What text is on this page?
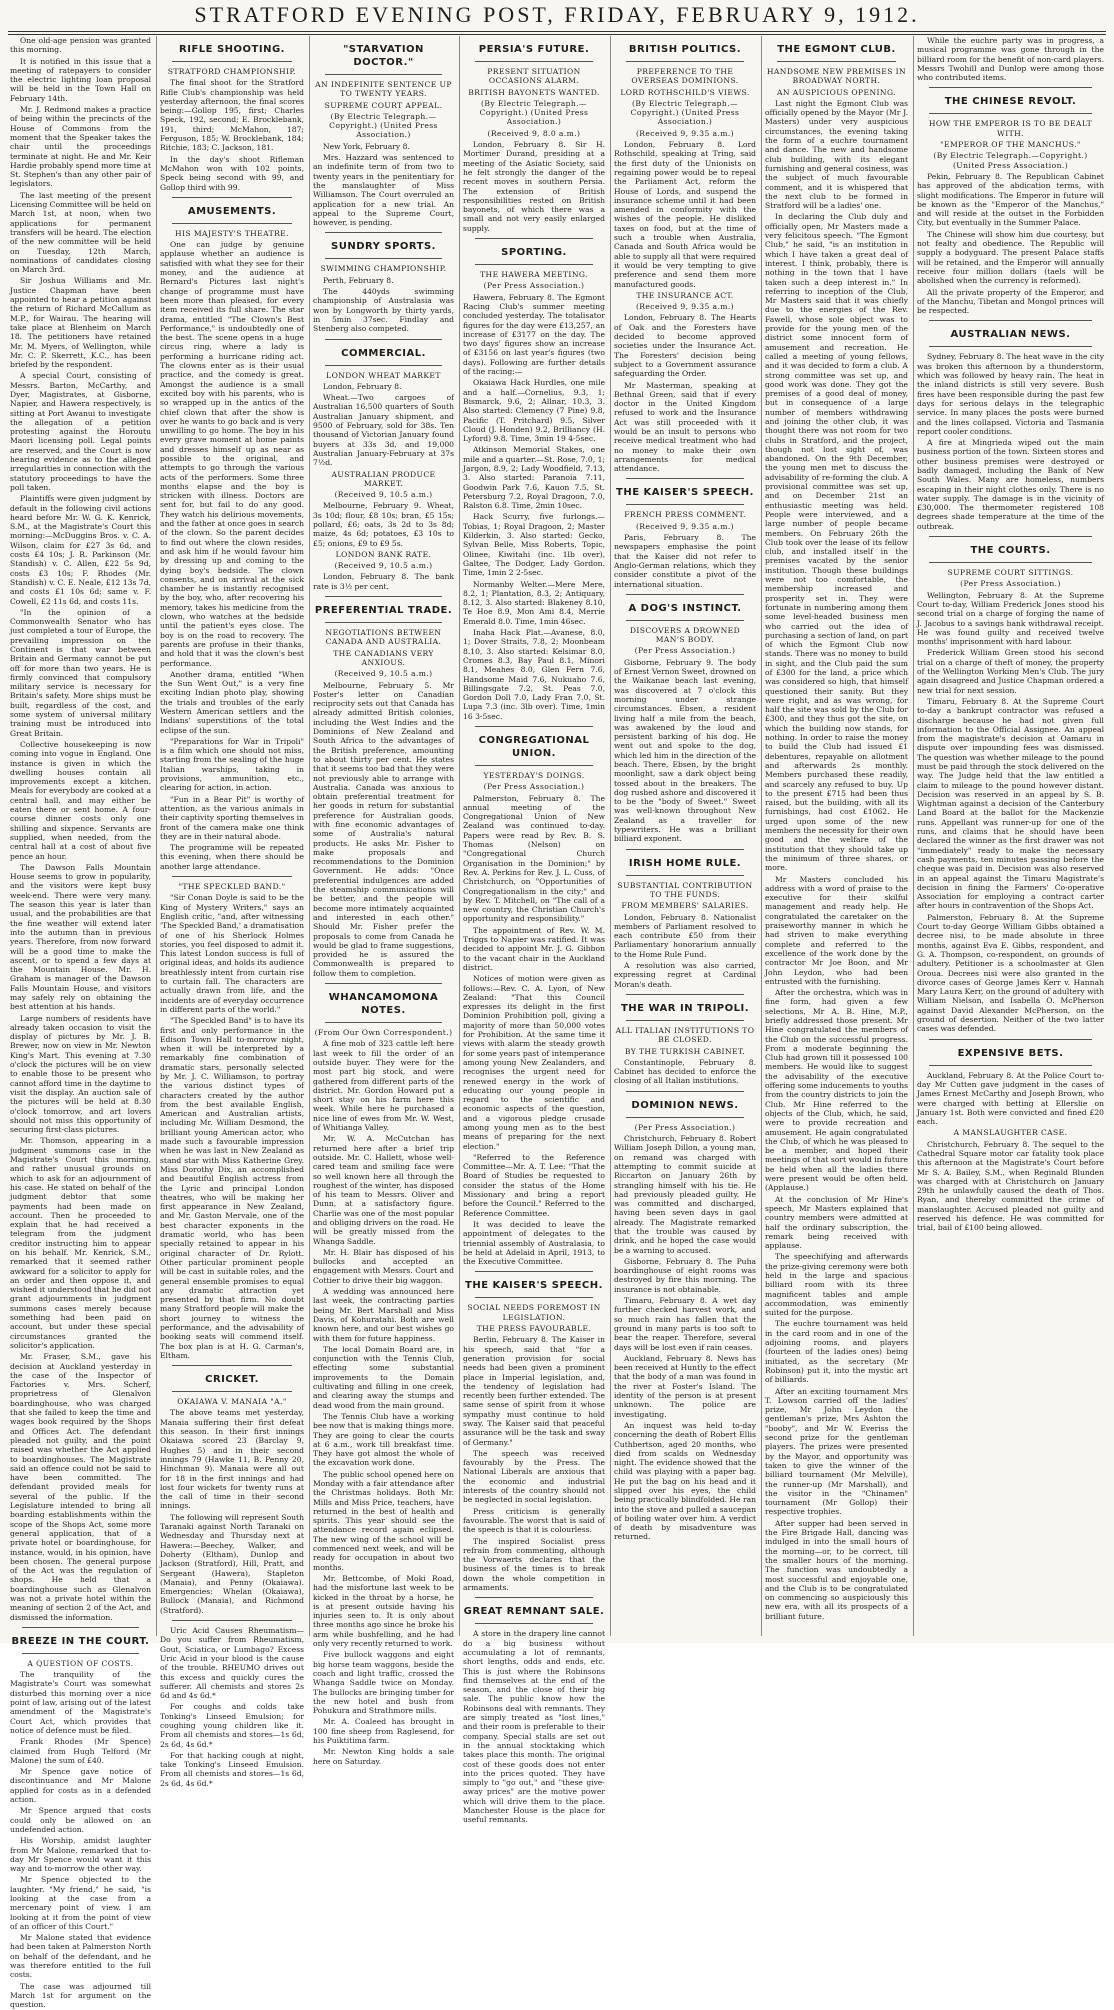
STRATFORD EVENING POST, FRIDAY, FEBRUARY 9, 1912.
One old-age pension was granted this morning.
It is notified in this issue that a meeting of ratepayers to consider the electric lighting loan proposal will be held in the Town Hall on February 14th.
Mr. J. Redmond makes a practice of being within the precincts of the House of Commons from the moment that the Speaker takes the chair until the proceedings terminate at night. He and Mr. Keir Hardie probably spend more time at St. Stephen's than any other pair of legislators.
The last meeting of the present Licensing Committee will be held on March 1st, at noon, when two applications for permanent transfers will be heard. The election of the new committee will be held on Tuesday, 12th March, nominations of candidates closing on March 3rd.
Sir Joshua Williams and Mr. Justice Chapman have been appointed to hear a petition against the return of Richard McCallum as M.P., for Wairau. The hearing will take place at Blenheim on March 18. The petitioners have retained Mr. M. Myers, of Wellington, while Mr. C. P. Skerrett, K.C., has been briefed by the respondent.
A special Court, consisting of Messrs. Barton, McCarthy, and Dyer, Magistrates, at Gisborne, Napier, and Hawera respectively, is sitting at Port Awanui to investigate the allegation of a petition protesting against the Horoutu Maori licensing poll. Legal points are reserved, and the Court is now hearing evidence as to the alleged irregularities in connection with the statutory proceedings to have the poll taken.
Plaintiffs were given judgment by default in the following civil actions heard before Mr. W. G. K. Kenrick, S.M., at the Magistrate's Court this morning:—McDuggins Bros. v. C. A. Wilson, claim for £27 3s 6d, and costs £4 10s; J. R. Parkinson (Mr. Standish) v. C. Allen, £22 5s 9d, costs £3 10s; F. Rhodes (Mr. Standish) v. C. E. Neale, £12 13s 7d, and costs £1 10s 6d; same v. F. Cowell, £2 11s 6d, and costs 11s.
"In the opinion of a Commonwealth Senator who has just completed a tour of Europe, the prevailing impression on the Continent is that war between Britain and Germany cannot be put off for more than two years. He is firmly convinced that compulsory military service is necessary for Britain's safety. More ships must be built, regardless of the cost, and some system of universal military training must be introduced into Great Britain.
Collective housekeeping is now coming into vogue in England. One instance is given in which the dwelling houses contain all improvements except a kitchen. Meals for everybody are cooked at a central hall, and may either be eaten there or sent home. A four-course dinner costs only one shilling and sixpence. Servants are supplied, when needed, from the central hall at a cost of about five pence an hour.
The Dawson Falls Mountain House seems to grow in popularity, and the visitors were kept busy week-end. There were very many. The season this year is later than usual, and the probabilities are that the fine weather will extend later into the autumn than in previous years. Therefore, from now forward will be a good time to make the ascent, or to spend a few days at the Mountain House. Mr. H. Graham is manager of the Dawson Falls Mountain House, and visitors may safely rely on obtaining the best attention at his hands.
Large numbers of residents have already taken occasion to visit the display of pictures by Mr. J. B. Brewer, now on view in Mr. Newton King's Mart. This evening at 7.30 o'clock the pictures will be on view to enable those to be present who cannot afford time in the daytime to visit the display. An auction sale of the pictures will be held at 8.30 o'clock tomorrow, and art lovers should not miss this opportunity of securing first-class pictures.
Mr. Thomson, appearing in a judgment summons case in the Magistrate's Court this morning, and rather unusual grounds on which to ask for an adjournment of his case. He stated on behalf of the judgment debtor that some payments had been made on account. Then he proceeded to explain that he had received a telegram from the judgment creditor instructing him to appear on his behalf. Mr. Kenrick, S.M., remarked that it seemed rather awkward for a solicitor to apply for an order and then oppose it, and wished it understood that he did not grant adjournments in judgment summons cases merely because something had been paid on account, but under these special circumstances granted the solicitor's application.
Mr. Fraser, S.M., gave his decision at Auckland yesterday in the case of the Inspector of Factories v. Mrs. Scherf, proprietress of Glenalvon boardinghouse, who was charged that she failed to keep the time and wages book required by the Shops and Offices Act. The defendant pleaded not guilty, and the point raised was whether the Act applied to boardinghouses. The Magistrate said an offence could not be said to have been committed. The defendant provided meals for several of the public. If the Legislature intended to bring all boarding establishments within the scope of the Shops Act, some more general application, that of a private hotel or boardinghouse, for instance, would, in his opinion, have been chosen. The general purpose of the Act was the regulation of shops. He held that a boardinghouse such as Glenalvon was not a private hotel within the meaning of section 2 of the Act, and dismissed the information.
BREEZE IN THE COURT.
A QUESTION OF COSTS.
The tranquility of the Magistrate's Court was somewhat disturbed this morning over a nice point of law, arising out of the latest amendment of the Magistrate's Court Act, which provides that notice of defence must be filed.
Frank Rhodes (Mr Spence) claimed from Hugh Telford (Mr Malone) the sum of £40.
Mr Spence gave notice of discontinuance and Mr Malone applied for costs as in a defended action.
Mr Spence argued that costs could only be allowed on an undefended action.
His Worship, amidst laughter from Mr Malone, remarked that to-day Mr Spence would want it this way and to-morrow the other way.
Mr Spence objected to the laughter. "My friend," he said, "is looking at the case from a mercenary point of view. I am looking at it from the point of view of an officer of this Court."
Mr Malone stated that evidence had been taken at Palmerston North on behalf of the defendant, and he was therefore entitled to the full costs.
The case was adjourned till March 1st for argument on the question.
RIFLE SHOOTING.
STRATFORD CHAMPIONSHIP.
The final shoot for the Stratford Rifle Club's championship was held yesterday afternoon, the final scores being:—Gollop 195, first; Charles Speck, 192, second; E. Brocklebank, 191, third; McMahon, 187; Ferguson, 185; W. Brocklebank, 184; Ritchie, 183; C. Jackson, 181.
In the day's shoot Rifleman McMahon won with 102 points, Speck being second with 99, and Gollop third with 99.
AMUSEMENTS.
HIS MAJESTY'S THEATRE.
One can judge by genuine applause whether an audience is satisfied with what they see for their money, and the audience at Bernard's Pictures last night's change of programme must have been more than pleased, for every item received its full share. The star drama, entitled "The Clown's Best Performance," is undoubtedly one of the best. The scene opens in a huge circus ring, where a lady is performing a hurricane riding act. The clowns enter as is their usual practice, and the comedy is great. Amongst the audience is a small excited boy with his parents, who is so wrapped up in the antics of the chief clown that after the show is over he wants to go back and is very unwilling to go home. The boy in his every grave moment at home paints and dresses himself up as near as possible to the original, and attempts to go through the various acts of the performers. Some three months elapse and the boy is stricken with illness. Doctors are sent for, but fail to do any good. They watch his delirious movements, and the father at once goes in search of the clown. So the parent decides to find out where the clown resides, and ask him if he would favour him by dressing up and coming to the dying boy's bedside. The clown consents, and on arrival at the sick chamber he is instantly recognised by the boy, who, after recovering his memory, takes his medicine from the clown, who watches at the bedside until the patient's eyes close. The boy is on the road to recovery. The parents are profuse in their thanks, and hold that it was the clown's best performance.
Another drama, entitled "When the Sun Went Out," is a very fine exciting Indian photo play, showing the trials and troubles of the early Western American settlers and the Indians' superstitions of the total eclipse of the sun.
"Preparations for War in Tripoli" is a film which one should not miss, starting from the sealing of the huge Italian warships, taking in provisions, ammunition, etc., clearing for action, in action.
"Fun in a Bear Pit" is worthy of attention, as the various animals in their captivity sporting themselves in front of the camera make one think they are in their natural abode.
The programme will be repeated this evening, when there should be another large attendance.
"THE SPECKLED BAND."
"Sir Conan Doyle is said to be the King of Mystery Writers," says an English critic, "and, after witnessing 'The Speckled Band,' a dramatisation of one of his Sherlock Holmes stories, you feel disposed to admit it. This latest London success is full of original ideas, and holds its audience breathlessly intent from curtain rise to curtain fall. The characters are actually drawn from life, and the incidents are of everyday occurrence in different parts of the world."
"The Speckled Band" is to have its first and only performance in the Edison Town Hall to-morrow night, when it will be interpreted by a remarkably fine combination of dramatic stars, personally selected by Mr. J. C. Williamson, to portray the various distinct types of characters created by the author from the best available English, American and Australian artists, including Mr. William Desmond, the brilliant young American actor, who made such a favourable impression when he was last in New Zealand as stand star with Miss Katherine Grey. Miss Dorothy Dix, an accomplished and beautiful English actress from the Lyric and principal London theatres, who will be making her first appearance in New Zealand, and Mr. Gaston Mervale, one of the best character exponents in the dramatic world, who has been specially retained to appear in his original character of Dr. Rylott. Other particular prominent people will be cast in suitable roles, and the general ensemble promises to equal any dramatic attraction yet presented by that firm. No doubt many Stratford people will make the short journey to witness the performance, and the advisability of booking seats will commend itself. The box plan is at H. G. Carman's, Eltham.
CRICKET.
OKAIAWA V. MANAIA "A."
The above teams met yesterday, Manaia suffering their first defeat this season. In their first innings Okaiawa scored 23 (Barclay 9, Hughes 5) and in their second innings 79 (Hawke 11, B. Penny 20, Hinchman 9). Manaia were all out for 18 in the first innings and had lost four wickets for twenty runs at the call of time in their second innings.
The following will represent South Taranaki against North Taranaki on Wednesday and Thursday next at Hawera:—Beechey, Walker, and Doherty (Eltham), Dunlop and Jackson (Stratford), Hill, Pratt, and Sergeant (Hawera), Stapleton (Manaia), and Penny (Okaiawa). Emergencies: Whelan (Okaiawa), Bullock (Manaia), and Richmond (Stratford).
Uric Acid Causes Rheumatism—Do you suffer from Rheumatism, Gout, Sciatica, or Lumbago? Excess Uric Acid in your blood is the cause of the trouble. RHEUMO drives out this excess and quickly cures the sufferer. All chemists and stores 2s 6d and 4s 6d.*
For coughs and colds take Tonking's Linseed Emulsion; for coughing young children like it. From all chemists and stores—1s 6d, 2s 6d, 4s 6d.*
For that hacking cough at night, take Tonking's Linseed Emulsion. From all chemists and stores—1s 6d, 2s 6d, 4s 6d.*
"STARVATION DOCTOR."
AN INDEFINITE SENTENCE UP TO TWENTY YEARS.
SUPREME COURT APPEAL.
(By Electric Telegraph.—Copyright.) (United Press Association.)
New York, February 8.
Mrs. Hazzard was sentenced to an indefinite term of from two to twenty years in the penitentiary for the manslaughter of Miss Williamson. The Court overruled an application for a new trial. An appeal to the Supreme Court, however, is pending.
SUNDRY SPORTS.
SWIMMING CHAMPIONSHIP.
Perth, February 8.
The 440yds swimming championship of Australasia was won by Longworth by thirty yards, in 5min 37sec. Findlay and Stenberg also competed.
COMMERCIAL.
LONDON WHEAT MARKET
London, February 8.
Wheat.—Two cargoes of Australian 16,500 quarters of South Australian January shipment, and 9500 of February, sold for 38s. Ten thousand of Victorian January found buyers at 33s 3d, and 19,000 Australian January-February at 37s 7½d.
AUSTRALIAN PRODUCE MARKET.
(Received 9, 10.5 a.m.)
Melbourne, February 9. Wheat, 3s 10d; flour, £8 10s; bran, £5 15s; pollard, £6; oats, 3s 2d to 3s 8d; maize, 4s 6d; potatoes, £3 10s to £5; onions, £9 to £9 5s.
LONDON BANK RATE.
(Received 9, 10.5 a.m.)
London, February 8. The bank rate is 3½ per cent.
PREFERENTIAL TRADE.
NEGOTIATIONS BETWEEN CANADA AND AUSTRALIA.
THE CANADIANS VERY ANXIOUS.
(Received 9, 10.5 a.m.)
Melbourne, February 5. Mr Foster's letter on Canadian reciprocity sets out that Canada has already admitted British colonies, including the West Indies and the Dominions of New Zealand and South Africa to the advantages of the British preference, amounting to about thirty per cent. He states that it seems too bad that they were not previously able to arrange with Australia. Canada was anxious to obtain preferential treatment for her goods in return for substantial preference for Australian goods, with fine economic advantages of some of Australia's natural products. He asks Mr. Fisher to make proposals and recommendations to the Dominion Government. He adds: "Once preferential indulgences are added the steamship communications will be better, and the people will become more intimately acquainted and interested in each other." Should Mr. Fisher prefer the proposals to come from Canada he would be glad to frame suggestions, provided he is assured the Commonwealth is prepared to follow them to completion.
WHANCAMOMONA NOTES.
(From Our Own Correspondent.)
A fine mob of 323 cattle left here last week to fill the order of an outside buyer. They were for the most part big stock, and were gathered from different parts of the district. Mr. Gordon Howard put a short stay on his farm here this week. While here he purchased a nice line of ewes from Mr. W. West, of Whitianga Valley.
Mr. W. A. McCutchan has returned here after a brief trip outside. Mr. C. Hallett, whose well-cared team and smiling face were so well known here all through the roughest of the winter, has disposed of his team to Messrs. Oliver and Dunn, at a satisfactory figure. Charlie was one of the most popular and obliging drivers on the road. He will be greatly missed from the Whanga Saddle.
Mr. H. Blair has disposed of his bullocks and accepted an engagement with Messrs. Court and Cottier to drive their big waggon.
A wedding was announced here last week, the contracting parties being Mr. Bert Marshall and Miss Davis, of Kohuratahi. Both are well known here, and our best wishes go with them for future happiness.
The local Domain Board are, in conjunction with the Tennis Club, effecting some substantial improvements to the Domain cultivating and filling in one creek, and clearing away the stumps and dead wood from the main ground.
The Tennis Club have a working bee now that is making things more. They are going to clear the courts at 6 a.m., work till breakfast time. They have got almost the whole of the excavation work done.
The public school opened here on Monday with a fair attendance after the Christmas holidays. Both Mr. Mills and Miss Price, teachers, have returned in the best of health and spirits. This year should see the attendance record again eclipsed. The new wing of the school will be commenced next week, and will be ready for occupation in about two months.
Mr. Bettcombe, of Moki Road, had the misfortune last week to be kicked in the throat by a horse, he is at present outside having his injuries seen to. It is only about three months ago since he broke his arm while bushfelling, and he had only very recently returned to work.
Five bullock waggons and eight big horse team waggons, beside the coach and light traffic, crossed the Whanga Saddle twice on Monday. The bullocks are bringing timber for the new hotel and bush from Pohukura and Strathmore mills.
Mr. A. Coaleed has brought in 100 fine sheep from Raglesend, for his Puiktitima farm.
Mr. Newton King holds a sale here on Saturday.
PERSIA'S FUTURE.
PRESENT SITUATION OCCASIONS ALARM.
BRITISH BAYONETS WANTED.
(By Electric Telegraph.—Copyright.) (United Press Association.)
(Received 9, 8.0 a.m.)
London, February 8. Sir H. Mortimer Durand, presiding at a meeting of the Asiatic Society, said he felt strongly the danger of the recent moves in southern Persia. The extension of British responsibilities rested on British bayonets, of which there was a small and not very easily enlarged supply.
SPORTING.
THE HAWERA MEETING.
(Per Press Association.)
Hawera, February 8. The Egmont Racing Club's summer meeting concluded yesterday. The totalisator figures for the day were £13,257, an increase of £3177 on the day. The two days' figures show an increase of £3156 on last year's figures (two days). Following are further details of the racing:—
Okaiawa Hack Hurdles, one mile and a half.—Cornelius, 9.3, 1; Bismarck, 9.6, 2; Allnar, 10.3, 3. Also started: Clemency (7 Pine) 9.8, Pacific (T. Pritchard) 9.5, Silver Cloud (J. Honden) 9.2, Brilliancy (H. Lyford) 9.8. Time, 3min 19 4-5sec.
Atkinson Memorial Stakes, one mile and a quarter.—St. Rose, 7.0, 1; Jargon, 8.9, 2; Lady Woodfield, 7.13, 3. Also started: Paranoia 7.11, Goodwin Park 7.6, Kauon 7.5, St. Petersburg 7.2, Royal Dragoon, 7.0, Ralston 6.8. Time, 2min 10sec.
Hack Scurry, five furlongs.—Tobias, 1; Royal Dragoon, 2; Master Kilderkin, 3. Also started: Gecko, Sylvan Belle, Miss Roberts, Topic, Olinee, Kiwitahi (inc. 1lb over), Galtee, The Dodger, Lady Gordon. Time, 1min 2 2-5sec.
Normanby Welter.—Mere Mere, 8.2, 1; Plantation, 8.3, 2; Antiquary, 8.12, 3. Also started: Blakeney 8.10, Te Hoe 8.9, Mon Ami 8.4, Merrie Emerald 8.0. Time, 1min 46sec.
Inaha Hack Plat.—Avanese, 8.0, 1; Dover Straits, 7.8, 2; Moonbeam 8.10, 3. Also started: Kelsimar 8.0, Cromes 8.3, Bay Paul 8.1, Minori 8.1, Meahes 8.0, Glen Fern 7.6, Handsome Maid 7.6, Nukuaho 7.6, Billingsgate 7.2, St. Peas 7.0, Gordon Doll 7.0, Lady Fran 7.0, St. Lupa 7.3 (inc. 3lb over). Time, 1min 16 3-5sec.
CONGREGATIONAL UNION.
YESTERDAY'S DOINGS.
(Per Press Association.)
Palmerston, February 8. The annual meeting of the Congregational Union of New Zealand was continued to-day. Papers were read by Rev. B. S. Thomas (Nelson) on "Congregational Church Organisation in the Dominion;" by Rev. A. Perkins for Rev. J. L. Cuss, of Christchurch, on "Opportunities of Congregationalism in the city;" and by Rev. T. Mitchell, on "The call of a new country, the Christian Church's opportunity and responsibility."
The appointment of Rev. W. M. Triggs to Napier was ratified. It was decided to appoint Mr. J. G. Gibbon to the vacant chair in the Auckland district.
Notices of motion were given as follows:—Rev. C. A. Lyon, of New Zealand: "That this Council expresses its delight in the first Dominion Prohibition poll, giving a majority of more than 50,000 votes for Prohibition. At the same time it views with alarm the steady growth for some years past of intemperance among young New Zealanders, and recognises the urgent need for renewed energy in the work of educating our young people in regard to the scientific and economic aspects of the question, and a vigorous pledge crusade among young men as to the best means of preparing for the next election."
"Referred to the Reference Committee—Mr. A. T. Lee: "That the Board of Studies be requested to consider the status of the Home Missionary and bring a report before the Council." Referred to the Reference Committee.
It was decided to leave the appointment of delegates to the triennial assembly of Australasia, to be held at Adelaid in April, 1913, to the Executive Committee.
THE KAISER'S SPEECH.
SOCIAL NEEDS FOREMOST IN LEGISLATION.
THE PRESS FAVOURABLE.
Berlin, February 8. The Kaiser in his speech, said that "for a generation provision for social needs had been given a prominent place in Imperial legislation, and, the tendency of legislation had recently been further extended. The same sense of spirit from it whose sympathy must continue to hold sway. The Kaiser said that peaceful assurance will be the task and sway of Germany."
The speech was received favourably by the Press. The National Liberals are anxious that the economic and industrial interests of the country should not be neglected in social legislation.
Press criticism is generally favourable. The worst that is said of the speech is that it is colourless.
The inspired Socialist press refrain from commenting, although the Vorwaerts declares that the business of the times is to break down the whole competition in armaments.
GREAT REMNANT SALE.
A store in the drapery line cannot do a big business without accumulating a lot of remnants, short lengths, odds and ends, etc. This is just where the Robinsons find themselves at the end of the season, and the close of their big sale. The public know how the Robinsons deal with remnants. They are simply treated as "lost lines," and their room is preferable to their company. Special stalls are set out in the annual stocktaking which takes place this month. The original cost of these goods does not enter into the prices quoted. They have simply to "go out," and "these give-away prices" are the motive power which will drive them to the place. Manchester House is the place for useful remnants.
BRITISH POLITICS.
PREFERENCE TO THE OVERSEAS DOMINIONS.
LORD ROTHSCHILD'S VIEWS.
(By Electric Telegraph.—Copyright.) (United Press Association.)
(Received 9, 9.35 a.m.)
London, February 8. Lord Rothschild, speaking at Tring, said the first duty of the Unionists on regaining power would be to repeal the Parliament Act, reform the House of Lords, and suspend the insurance scheme until it had been amended in conformity with the wishes of the people. He disliked taxes on food, but at the time of such a trouble when Australia, Canada and South Africa would be able to supply all that were required it would be very tempting to give preference and send them more manufactured goods.
THE INSURANCE ACT.
(Received 9, 9.35 a.m.)
London, February 8. The Hearts of Oak and the Foresters have decided to become approved societies under the Insurance Act. The Foresters' decision being subject to a Government assurance safeguarding the Order.
Mr Masterman, speaking at Bethnal Green, said that if every doctor in the United Kingdom refused to work and the Insurance Act was still proceeded with it would be an insult to persons who receive medical treatment who had no money to make their own arrangements for medical attendance.
THE KAISER'S SPEECH.
FRENCH PRESS COMMENT.
(Received 9, 9.35 a.m.)
Paris, February 8. The newspapers emphasise the point that the Kaiser did not refer to Anglo-German relations, which they consider constitute a pivot of the international situation.
A DOG'S INSTINCT.
DISCOVERS A DROWNED MAN'S BODY.
(Per Press Association.)
Gisborne, February 9. The body of Ernest Vernon Sweet, drowned on the Waikanae beach last evening, was discovered at 7 o'clock this morning under strange circumstances. Ebsen, a resident living half a mile from the beach, was awakened by the loud and persistent barking of his dog. He went out and spoke to the dog, which led him in the direction of the beach. There, Ebsen, by the bright moonlight, saw a dark object being tossed about in the breakers. The dog rushed ashore and discovered it to be the "body of Sweet." Sweet was well-known throughout New Zealand as a traveller for typewriters. He was a brilliant billiard exponent.
IRISH HOME RULE.
SUBSTANTIAL CONTRIBUTION TO THE FUNDS.
FROM MEMBERS' SALARIES.
London, February 8. Nationalist members of Parliament resolved to each contribute £50 from their Parliamentary honorarium annually to the Home Rule Fund.
A resolution was also carried, expressing regret at Cardinal Moran's death.
THE WAR IN TRIPOLI.
ALL ITALIAN INSTITUTIONS TO BE CLOSED.
BY THE TURKISH CABINET.
Constantinople, February 8. Cabinet has decided to enforce the closing of all Italian institutions.
DOMINION NEWS.
(Per Press Association.)
Christchurch, February 8. Robert William Joseph Dillon, a young man, on remand was charged with attempting to commit suicide at Riccarton on January 26th by strangling himself with his tie. He had previously pleaded guilty. He was committed and discharged, having been seven days in gaol already. The Magistrate remarked that the trouble was caused by drink, and he hoped the case would be a warning to accused.
Gisborne, February 8. The Puha boardinghouse of eight rooms was destroyed by fire this morning. The insurance is not obtainable.
Timaru, February 8. A wet day further checked harvest work, and so much rain has fallen that the ground in many parts is too soft to bear the reaper. Therefore, several days will be lost even if rain ceases.
Auckland, February 8. News has been received at Huntly to the effect that the body of a man was found in the river at Foster's Island. The identity of the person is at present unknown. The police are investigating.
An inquest was held to-day concerning the death of Robert Ellis Cuthbertson, aged 20 months, who died from scalds on Wednesday night. The evidence showed that the child was playing with a paper bag. He put the bag on his head and it slipped over his eyes, the child being practically blindfolded. He ran into the stove and pulled a saucepan of boiling water over him. A verdict of death by misadventure was returned.
THE EGMONT CLUB.
HANDSOME NEW PREMISES IN BROADWAY NORTH.
AN AUSPICIOUS OPENING.
Last night the Egmont Club was officially opened by the Mayor (Mr J. Masters) under very auspicious circumstances, the evening taking the form of a euchre tournament and dance. The new and handsome club building, with its elegant furnishing and general cosiness, was the subject of much favourable comment, and it is whispered that the next club to be formed in Stratford will be a ladies' one.
In declaring the Club duly and officially open, Mr Masters made a very felicitous speech. "The Egmont Club," he said, "is an institution in which I have taken a great deal of interest. I think, probably, there is nothing in the town that I have taken such a deep interest in." In referring to inception of the Club, Mr Masters said that it was chiefly due to the energies of the Rev. Fawell, whose sole object was to provide for the young men of the district some innocent form of amusement and recreation. He called a meeting of young fellows, and it was decided to form a club. A strong committee was set up, and good work was done. They got the premises of a good deal of money, but in consequence of a large number of members withdrawing and joining the other club, it was thought there was not room for two clubs in Stratford, and the project, though not lost sight of, was abandoned. On the 9th December, the young men met to discuss the advisability of re-forming the club. A provisional committee was set up, and on December 21st an enthusiastic meeting was held. People were interviewed, and a large number of people became members. On February 26th the Club took over the lease of its fellow club, and installed itself in the premises vacated by the senior institution. Though these buildings were not too comfortable, the membership increased and prosperity set in. They were fortunate in numbering among them some level-headed business men who carried out the idea of purchasing a section of land, on part of which the Egmont Club now stands. There was no money to build in sight, and the Club paid the sum of £300 for the land, a price which was considered so high, that himself questioned their sanity. But they were right, and as was wrong, for half the site was sold by the Club for £300, and they thus got the site, on which the building now stands, for nothing. In order to raise the money to build the Club had issued £1 debentures, repayable on allotment and afterwards 2s monthly. Members purchased these readily, and scarcely any refused to buy. Up to the present £715 had been thus raised, but the building, with all its furnishings, had cost £1062. He urged upon some of the new members the necessity for their own good and the welfare of the institution that they should take up the minimum of three shares, or more.
Mr Masters concluded his address with a word of praise to the executive for their skilful management and ready help. He congratulated the caretaker on the praiseworthy manner in which he had striven to make everything complete and referred to the excellence of the work done by the contractor Mr Joe Boon, and Mr John Leydon, who had been entrusted with the furnishing.
After the orchestra, which was in fine form, had given a few selections, Mr A. B. Hine, M.P., briefly addressed those present. Mr Hine congratulated the members of the Club on the successful progress. From a moderate beginning the Club had grown till it possessed 100 members. He would like to suggest the advisability of the executive offering some inducements to youths from the country districts to join the Club. Mr Hine referred to the objects of the Club, which, he said, were to provide recreation and amusement. He again congratulated the Club, of which he was pleased to be a member, and hoped their meetings of that sort would in future be held when all the ladies there were present would be often held. (Applause.)
At the conclusion of Mr Hine's speech, Mr Masters explained that country members were admitted at half the ordinary subscription, the remark being received with applause.
The speechifying and afterwards the prize-giving ceremony were both held in the large and spacious billiard room with its three magnificent tables and ample accommodation, was eminently suited for the purpose.
The euchre tournament was held in the card room and in one of the adjoining rooms, and players (fourteen of the ladies ones) being initiated, as the secretary (Mr Robinson) put it, into the mystic art of billiards.
After an exciting tournament Mrs T. Lowson carried off the ladies' prize, Mr John Leydon the gentleman's prize, Mrs Ashton the "booby", and Mr W. Everiss the second prize for the gentleman players. The prizes were presented by the Mayor, and opportunity was taken to give the winner of the billiard tournament (Mr Melville), the runner-up (Mr Marshall), and the visitor in the "Chinamen" tournament (Mr Gollop) their respective trophies.
After supper had been served in the Fire Brigade Hall, dancing was indulged in into the small hours of the morning—or, to be correct, till the smaller hours of the morning. The function was undoubtedly a most successful and enjoyable one, and the Club is to be congratulated on commencing so auspiciously this new era, with all its prospects of a brilliant future.
While the euchre party was in progress, a musical programme was gone through in the billiard room for the benefit of non-card players. Messrs Twohill and Dunlop were among those who contributed items.
THE CHINESE REVOLT.
HOW THE EMPEROR IS TO BE DEALT WITH.
"EMPEROR OF THE MANCHUS."
(By Electric Telegraph.—Copyright.) (United Press Association.)
Pekin, February 8. The Republican Cabinet has approved of the abdication terms, with slight modifications. The Emperor in future will be known as the "Emperor of the Manchus," and will reside at the outset in the Forbidden City, but eventually in the Summer Palace.
The Chinese will show him due courtesy, but not fealty and obedience. The Republic will supply a bodyguard. The present Palace staffs will be retained, and the Emperor will annually receive four million dollars (taels will be abolished when the currency is reformed).
All the private property of the Emperor, and of the Manchu, Tibetan and Mongol princes will be respected.
AUSTRALIAN NEWS.
Sydney, February 8. The heat wave in the city was broken this afternoon by a thunderstorm, which was followed by heavy rain. The heat in the inland districts is still very severe. Bush fires have been responsible during the past few days for serious delays in the telegraphic service. In many places the posts were burned and the lines collapsed. Victoria and Tasmania report cooler conditions.
A fire at Mingrieda wiped out the main business portion of the town. Sixteen stores and other business premises were destroyed or badly damaged, including the Bank of New South Wales. Many are homeless, numbers escaping in their night clothes only. There is no water supply. The damage is in the vicinity of £30,000. The thermometer registered 108 degrees shade temperature at the time of the outbreak.
THE COURTS.
SUPREME COURT SITTINGS.
(Per Press Association.)
Wellington, February 8. At the Supreme Court to-day, William Frederick Jones stood his second trial on a charge of forging the name of J. Jacobus to a savings bank withdrawal receipt. He was found guilty and received twelve months' imprisonment with hard labour.
Frederick William Green stood his second trial on a charge of theft of money, the property of the Wellington Working Men's Club. The jury again disagreed and Justice Chapman ordered a new trial for next session.
Timaru, February 8. At the Supreme Court to-day a bankrupt contractor was refused a discharge because he had not given full information to the Official Assignee. An appeal from the magistrate's decision at Oamaru in dispute over impounding fees was dismissed. The question was whether mileage to the pound must be paid through the stock delivered on the way. The Judge held that the law entitled a claim to mileage to the pound however distant. Decision was reserved in an appeal by S. B. Wightman against a decision of the Canterbury Land Board at the ballot for the Mackenzie runs. Appellant was runner-up for one of the runs, and claims that he should have been declared the winner as the first drawer was not "immediately" ready to make the necessary cash payments, ten minutes passing before the cheque was paid in. Decision was also reserved in an appeal against the Timaru Magistrate's decision in fining the Farmers' Co-operative Association for employing a contract carter after hours in contravention of the Shops Act.
Palmerston, February 8. At the Supreme Court to-day George William Gibbs obtained a decree nisi, to be made absolute in three months, against Eva E. Gibbs, respondent, and G. A. Thompson, co-respondent, on grounds of adultery. Petitioner is a schoolmaster at Glen Oroua. Decrees nisi were also granted in the divorce cases of George James Kerr v. Hannah Mary Laura Kerr, on the ground of adultery with William Nielson, and Isabella O. McPherson against David Alexander McPherson, on the ground of desertion. Neither of the two latter cases was defended.
EXPENSIVE BETS.
Auckland, February 8. At the Police Court to-day Mr Cutten gave judgment in the cases of James Ernest McCarthy and Joseph Brown, who were charged with betting at Ellerslie on January 1st. Both were convicted and fined £20 each.
A MANSLAUGHTER CASE.
Christchurch, February 8. The sequel to the Cathedral Square motor car fatality took place this afternoon at the Magistrate's Court before Mr S. A. Bailey, S.M., when Reginald Blunden was charged with at Christchurch on January 29th he unlawfully caused the death of Thos. Ryan, and thereby committed the crime of manslaughter. Accused pleaded not guilty and reserved his defence. He was committed for trial, bail of £100 being allowed.
